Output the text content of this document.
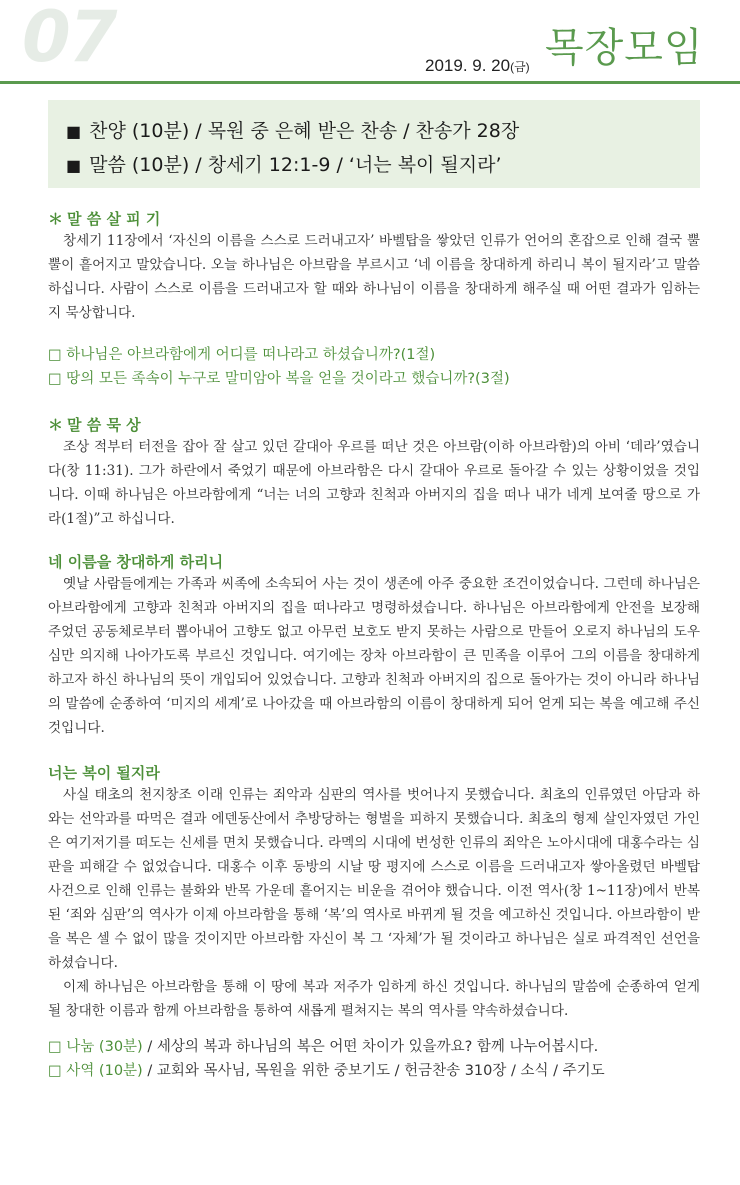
07	2019. 9. 20(금) 목장모임
■ 찬양 (10분) / 목원 중 은혜 받은 찬송 / 찬송가 28장
■ 말씀 (10분) / 창세기 12:1-9 / ‘너는 복이 될지라’

＊ 말 씀 살 피 기

창세기 11장에서 ‘자신의 이름을 스스로 드러내고자’ 바벨탑을 쌓았던 인류가 언어의 혼잡으로 인해 결국 뿔뿔이 흩어지고 말았습니다. 오늘 하나님은 아브람을 부르시고 ‘네 이름을 창대하게 하리니 복이 될지라’고 말씀하십니다. 사람이 스스로 이름을 드러내고자 할 때와 하나님이 이름을 창대하게 해주실 때 어떤 결과가 임하는지 묵상합니다.

□ 하나님은 아브라함에게 어디를 떠나라고 하셨습니까?(1절)

□ 땅의 모든 족속이 누구로 말미암아 복을 얻을 것이라고 했습니까?(3절)

＊ 말 씀 묵 상

조상 적부터 터전을 잡아 잘 살고 있던 갈대아 우르를 떠난 것은 아브람(이하 아브라함)의 아비 ‘데라’였습니다(창 11:31). 그가 하란에서 죽었기 때문에 아브라함은 다시 갈대아 우르로 돌아갈 수 있는 상황이었을 것입니다. 이때 하나님은 아브라함에게 “너는 너의 고향과 친척과 아버지의 집을 떠나 내가 네게 보여줄 땅으로 가라(1절)”고 하십니다.

네 이름을 창대하게 하리니

옛날 사람들에게는 가족과 씨족에 소속되어 사는 것이 생존에 아주 중요한 조건이었습니다. 그런데 하나님은 아브라함에게 고향과 친척과 아버지의 집을 떠나라고 명령하셨습니다. 하나님은 아브라함에게 안전을 보장해 주었던 공동체로부터 뽑아내어 고향도 없고 아무런 보호도 받지 못하는 사람으로 만들어 오로지 하나님의 도우심만 의지해 나아가도록 부르신 것입니다. 여기에는 장차 아브라함이 큰 민족을 이루어 그의 이름을 창대하게 하고자 하신 하나님의 뜻이 개입되어 있었습니다. 고향과 친척과 아버지의 집으로 돌아가는 것이 아니라 하나님의 말씀에 순종하여 ‘미지의 세계’로 나아갔을 때 아브라함의 이름이 창대하게 되어 얻게 되는 복을 예고해 주신 것입니다.

너는 복이 될지라

사실 태초의 천지창조 이래 인류는 죄악과 심판의 역사를 벗어나지 못했습니다. 최초의 인류였던 아담과 하와는 선악과를 따먹은 결과 에덴동산에서 추방당하는 형벌을 피하지 못했습니다. 최초의 형제 살인자였던 가인은 여기저기를 떠도는 신세를 면치 못했습니다. 라멕의 시대에 번성한 인류의 죄악은 노아시대에 대홍수라는 심판을 피해갈 수 없었습니다. 대홍수 이후 동방의 시날 땅 평지에 스스로 이름을 드러내고자 쌓아올렸던 바벨탑 사건으로 인해 인류는 불화와 반목 가운데 흩어지는 비운을 겪어야 했습니다. 이전 역사(창 1~11장)에서 반복된 ‘죄와 심판’의 역사가 이제 아브라함을 통해 ‘복’의 역사로 바뀌게 될 것을 예고하신 것입니다. 아브라함이 받을 복은 셀 수 없이 많을 것이지만 아브라함 자신이 복 그 ‘자체’가 될 것이라고 하나님은 실로 파격적인 선언을 하셨습니다.

이제 하나님은 아브라함을 통해 이 땅에 복과 저주가 임하게 하신 것입니다. 하나님의 말씀에 순종하여 얻게 될 창대한 이름과 함께 아브라함을 통하여 새롭게 펼쳐지는 복의 역사를 약속하셨습니다.

□ 나눔 (30분) / 세상의 복과 하나님의 복은 어떤 차이가 있을까요? 함께 나누어봅시다.

□ 사역 (10분) / 교회와 목사님, 목원을 위한 중보기도 / 헌금찬송 310장 / 소식 / 주기도
